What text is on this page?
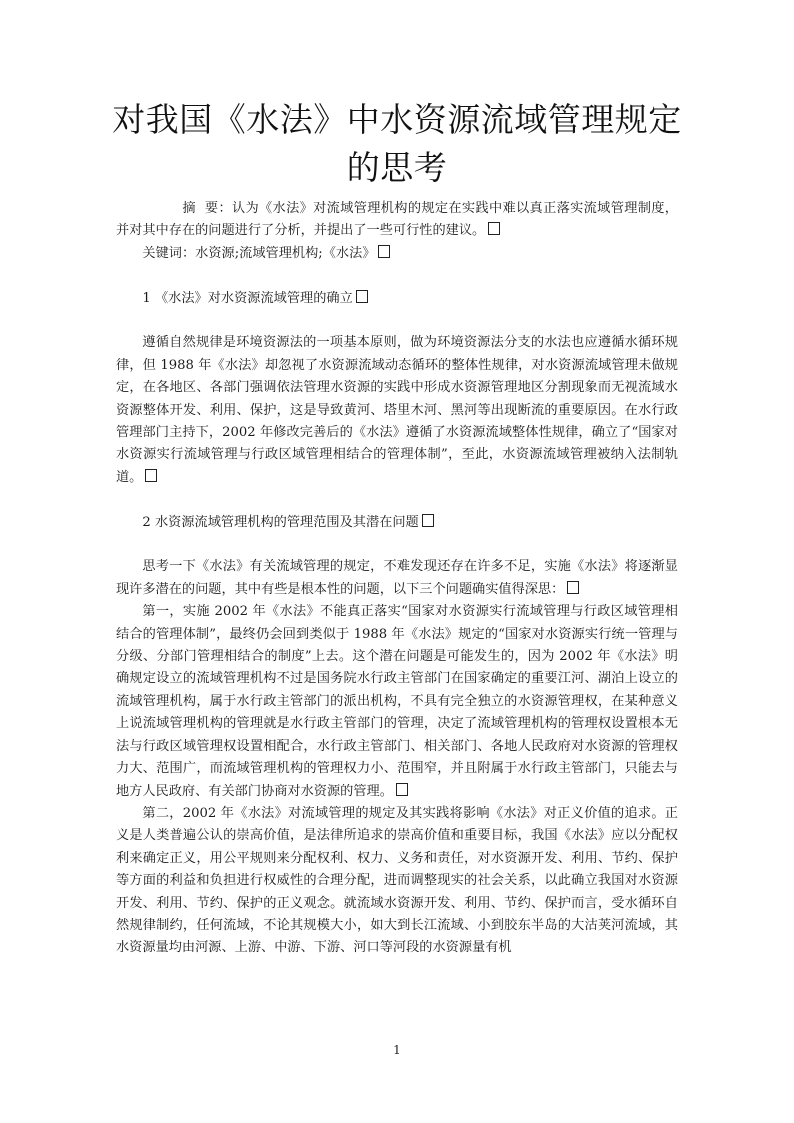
对我国《水法》中水资源流域管理规定的思考

摘  要：认为《水法》对流域管理机构的规定在实践中难以真正落实流域管理制度，并对其中存在的问题进行了分析，并提出了一些可行性的建议。

关键词：水资源;流域管理机构;《水法》

1 《水法》对水资源流域管理的确立

遵循自然规律是环境资源法的一项基本原则，做为环境资源法分支的水法也应遵循水循环规律，但 1988 年《水法》却忽视了水资源流域动态循环的整体性规律，对水资源流域管理未做规定，在各地区、各部门强调依法管理水资源的实践中形成水资源管理地区分割现象而无视流域水资源整体开发、利用、保护，这是导致黄河、塔里木河、黑河等出现断流的重要原因。在水行政管理部门主持下，2002 年修改完善后的《水法》遵循了水资源流域整体性规律，确立了“国家对水资源实行流域管理与行政区域管理相结合的管理体制”，至此，水资源流域管理被纳入法制轨道。

2 水资源流域管理机构的管理范围及其潜在问题

思考一下《水法》有关流域管理的规定，不难发现还存在许多不足，实施《水法》将逐渐显现许多潜在的问题，其中有些是根本性的问题，以下三个问题确实值得深思：

第一，实施 2002 年《水法》不能真正落实“国家对水资源实行流域管理与行政区域管理相结合的管理体制”，最终仍会回到类似于 1988 年《水法》规定的“国家对水资源实行统一管理与分级、分部门管理相结合的制度”上去。这个潜在问题是可能发生的，因为 2002 年《水法》明确规定设立的流域管理机构不过是国务院水行政主管部门在国家确定的重要江河、湖泊上设立的流域管理机构，属于水行政主管部门的派出机构，不具有完全独立的水资源管理权，在某种意义上说流域管理机构的管理就是水行政主管部门的管理，决定了流域管理机构的管理权设置根本无法与行政区域管理权设置相配合，水行政主管部门、相关部门、各地人民政府对水资源的管理权力大、范围广，而流域管理机构的管理权力小、范围窄，并且附属于水行政主管部门，只能去与地方人民政府、有关部门协商对水资源的管理。

第二，2002 年《水法》对流域管理的规定及其实践将影响《水法》对正义价值的追求。正义是人类普遍公认的崇高价值，是法律所追求的崇高价值和重要目标，我国《水法》应以分配权利来确定正义，用公平规则来分配权利、权力、义务和责任，对水资源开发、利用、节约、保护等方面的利益和负担进行权威性的合理分配，进而调整现实的社会关系，以此确立我国对水资源开发、利用、节约、保护的正义观念。就流域水资源开发、利用、节约、保护而言，受水循环自然规律制约，任何流域，不论其规模大小，如大到长江流域、小到胶东半岛的大沽荚河流域，其水资源量均由河源、上游、中游、下游、河口等河段的水资源量有机

1
